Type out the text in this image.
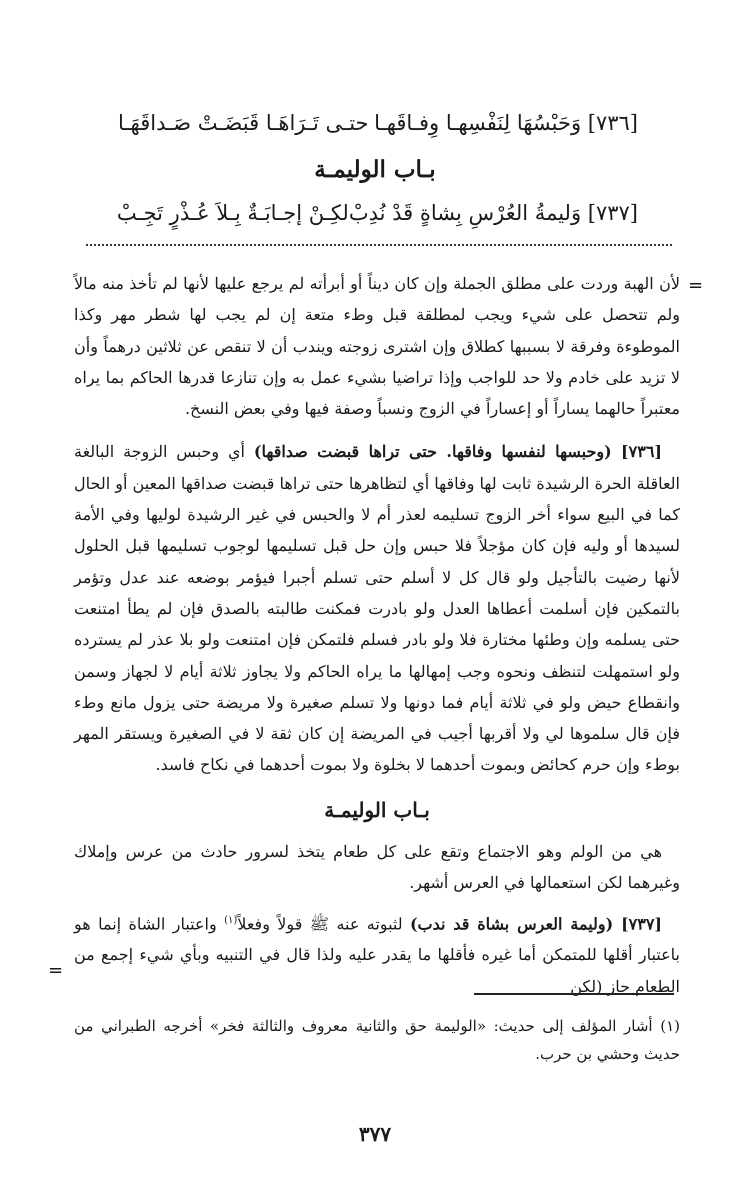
[٧٣٦] وَحَبْسُهَا لِنَفْسِهـا وِفـاقَهـا
حتـى تَـرَاهَـا قَبَضَـتْ صَـداقَهَـا
بـاب الوليمـة
[٧٣٧] وَليمةُ العُرْسِ بِشاةٍ قَدْ نُدِبْ
لكِـنْ إجـابَـةٌ بِـلاَ عُـذْرٍ تَجِـبْ
=
=

لأن الهبة وردت على مطلق الجملة وإن كان ديناً أو أبرأته لم يرجع عليها لأنها لم تأخذ منه مالاً ولم تتحصل على شيء ويجب لمطلقة قبل وطء متعة إن لم يجب لها شطر مهر وكذا الموطوءة وفرقة لا بسببها كطلاق وإن اشترى زوجته ويندب أن لا تنقص عن ثلاثين درهماً وأن لا تزيد على خادم ولا حد للواجب وإذا تراضيا بشيء عمل به وإن تنازعا قدرها الحاكم بما يراه معتبراً حالهما يساراً أو إعساراً في الزوج ونسباً وصفة فيها وفي بعض النسخ.

[٧٣٦] (وحبسها لنفسها وفاقها. حتى تراها قبضت صداقها) أي وحبس الزوجة البالغة العاقلة الحرة الرشيدة ثابت لها وفاقها أي لتظاهرها حتى تراها قبضت صداقها المعين أو الحال كما في البيع سواء أخر الزوج تسليمه لعذر أم لا والحبس في غير الرشيدة لوليها وفي الأمة لسيدها أو وليه فإن كان مؤجلاً فلا حبس وإن حل قبل تسليمها لوجوب تسليمها قبل الحلول لأنها رضيت بالتأجيل ولو قال كل لا أسلم حتى تسلم أجبرا فيؤمر بوضعه عند عدل وتؤمر بالتمكين فإن أسلمت أعطاها العدل ولو بادرت فمكنت طالبته بالصدق فإن لم يطأ امتنعت حتى يسلمه وإن وطئها مختارة فلا ولو بادر فسلم فلتمكن فإن امتنعت ولو بلا عذر لم يسترده ولو استمهلت لتنظف ونحوه وجب إمهالها ما يراه الحاكم ولا يجاوز ثلاثة أيام لا لجهاز وسمن وانقطاع حيض ولو في ثلاثة أيام فما دونها ولا تسلم صغيرة ولا مريضة حتى يزول مانع وطء فإن قال سلموها لي ولا أقربها أجيب في المريضة إن كان ثقة لا في الصغيرة ويستقر المهر بوطء وإن حرم كحائض وبموت أحدهما لا بخلوة ولا بموت أحدهما في نكاح فاسد.

بـاب الوليمـة

هي من الولم وهو الاجتماع وتقع على كل طعام يتخذ لسرور حادث من عرس وإملاك وغيرهما لكن استعمالها في العرس أشهر.

[٧٣٧] (وليمة العرس بشاة قد ندب) لثبوته عنه ﷺ قولاً وفعلاً$^{(١)}$ واعتبار الشاة إنما هو باعتبار أقلها للمتمكن أما غيره فأقلها ما يقدر عليه ولذا قال في التنبيه وبأي شيء إجمع من الطعام جاز (لكن

(١) أشار المؤلف إلى حديث: «الوليمة حق والثانية معروف والثالثة فخر» أخرجه الطبراني من حديث وحشي بن حرب.
٣٧٧
